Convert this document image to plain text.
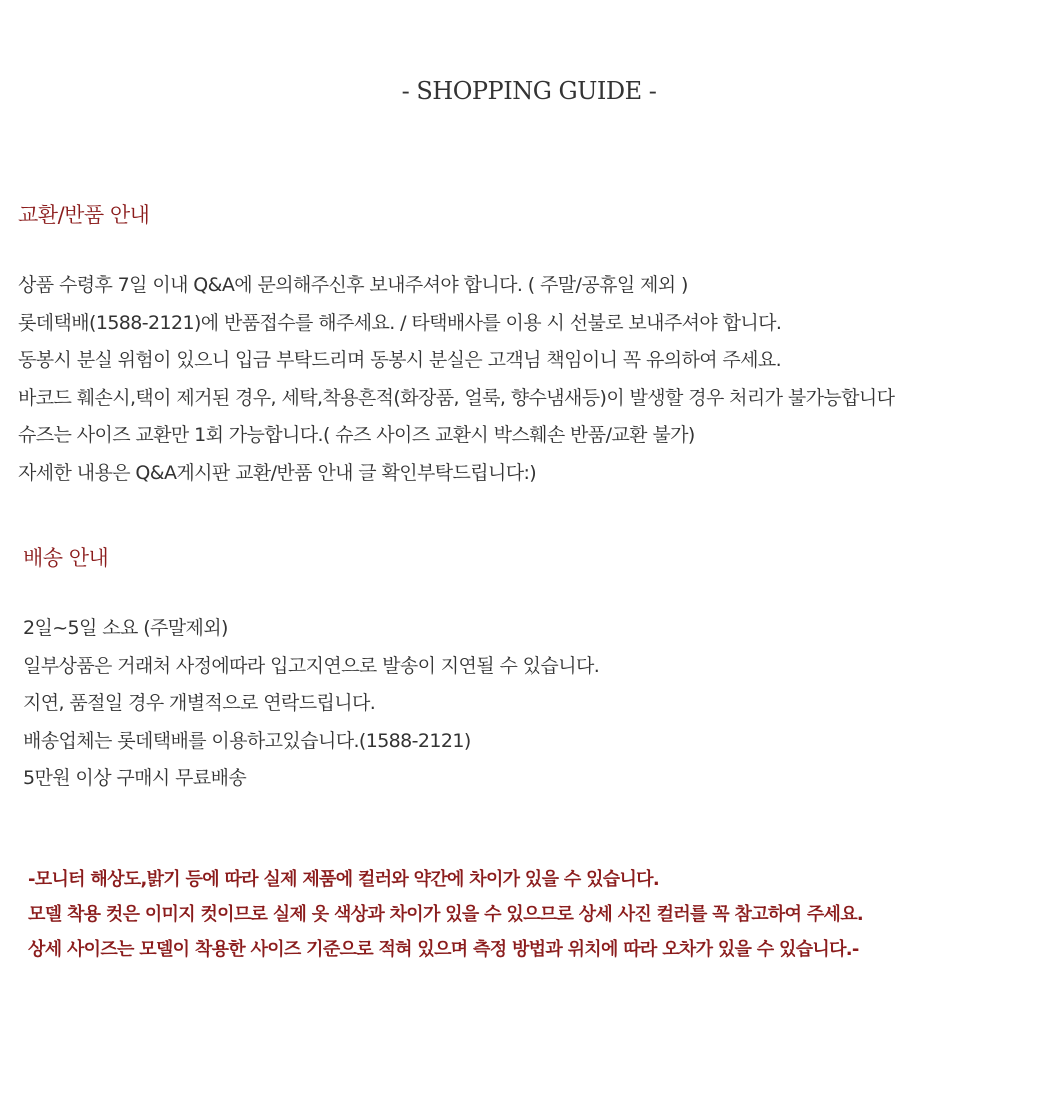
- SHOPPING GUIDE -
교환/반품 안내
상품 수령후 7일 이내 Q&A에 문의해주신후 보내주셔야 합니다. ( 주말/공휴일 제외 )
롯데택배(1588-2121)에 반품접수를 해주세요. / 타택배사를 이용 시 선불로 보내주셔야 합니다.
동봉시 분실 위험이 있으니 입금 부탁드리며 동봉시 분실은 고객님 책임이니 꼭 유의하여 주세요.
바코드 훼손시,택이 제거된 경우, 세탁,착용흔적(화장품, 얼룩, 향수냄새등)이 발생할 경우 처리가 불가능합니다
슈즈는 사이즈 교환만 1회 가능합니다.( 슈즈 사이즈 교환시 박스훼손 반품/교환 불가)
자세한 내용은 Q&A게시판 교환/반품 안내 글 확인부탁드립니다:)
배송 안내
2일~5일 소요 (주말제외)
일부상품은 거래처 사정에따라 입고지연으로 발송이 지연될 수 있습니다.
지연, 품절일 경우 개별적으로 연락드립니다.
배송업체는 롯데택배를 이용하고있습니다.(1588-2121)
5만원 이상 구매시 무료배송
-모니터 해상도,밝기 등에 따라 실제 제품에 컬러와 약간에 차이가 있을 수 있습니다.
모델 착용 컷은 이미지 컷이므로 실제 옷 색상과 차이가 있을 수 있으므로 상세 사진 컬러를 꼭 참고하여 주세요.
상세 사이즈는 모델이 착용한 사이즈 기준으로 적혀 있으며 측정 방법과 위치에 따라 오차가 있을 수 있습니다.-
